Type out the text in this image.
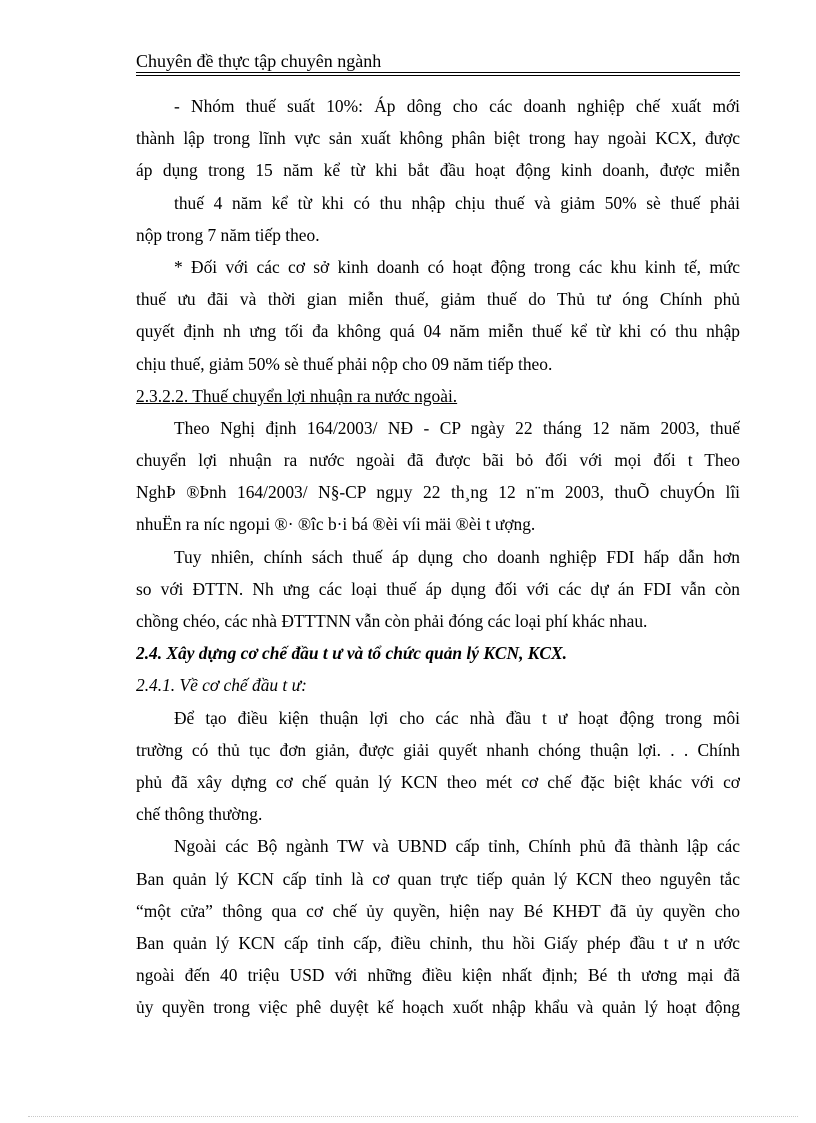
Chuyên đề thực tập chuyên ngành
- Nhóm thuế suất 10%: Áp dông cho các doanh nghiệp chế xuất mới
thành lập trong lĩnh vực sản xuất không phân biệt trong hay ngoài KCX, được
áp dụng trong 15 năm kể từ khi bắt đầu hoạt động kinh doanh, được miễn
thuế 4 năm kể từ khi có thu nhập chịu thuế và giảm 50% sè thuế phải
nộp trong 7 năm tiếp theo.
* Đối với các cơ sở kinh doanh có hoạt động trong các khu kinh tế, mức
thuế ưu đãi và thời gian miễn thuế, giảm thuế do Thủ tư óng Chính phủ
quyết định nh ưng tối đa không quá 04 năm miễn thuế kể từ khi có thu nhập
chịu thuế, giảm 50% sè thuế phải nộp cho 09 năm tiếp theo.
2.3.2.2. Thuế chuyển lợi nhuận ra nước ngoài.
Theo Nghị định 164/2003/ NĐ - CP ngày 22 tháng 12 năm 2003, thuế
chuyển lợi nhuận ra nước ngoài đã được bãi bỏ đối với mọi đối t Theo
NghÞ ®Þnh 164/2003/ N§-CP ngµy 22 th¸ng 12 n¨m 2003, thuÕ chuyÓn lîi
nhuËn ra níc ngoµi ®· ®îc b·i bá ®èi víi mäi ®èi t ượng.
Tuy nhiên, chính sách thuế áp dụng cho doanh nghiệp FDI hấp dẫn hơn
so với ĐTTN. Nh ưng các loại thuế áp dụng đối với các dự án FDI vẫn còn
chồng chéo, các nhà ĐTTTNN vẫn còn phải đóng các loại phí khác nhau.
2.4. Xây dựng cơ chế đầu t ư và tổ chức quản lý KCN, KCX.
2.4.1. Về cơ chế đầu t ư:
Để tạo điều kiện thuận lợi cho các nhà đầu t ư hoạt động trong môi
trường có thủ tục đơn giản, được giải quyết nhanh chóng thuận lợi. . . Chính
phủ đã xây dựng cơ chế quản lý KCN theo mét cơ chế đặc biệt khác với cơ
chế thông thường.
Ngoài các Bộ ngành TW và UBND cấp tỉnh, Chính phủ đã thành lập các
Ban quản lý KCN cấp tỉnh là cơ quan trực tiếp quản lý KCN theo nguyên tắc
“một cửa” thông qua cơ chế ủy quyền, hiện nay Bé KHĐT đã ủy quyền cho
Ban quản lý KCN cấp tỉnh cấp, điều chỉnh, thu hồi Giấy phép đầu t ư n ước
ngoài đến 40 triệu USD với những điều kiện nhất định; Bé th ương mại đã
ủy quyền trong việc phê duyệt kế hoạch xuốt nhập khẩu và quản lý hoạt động
